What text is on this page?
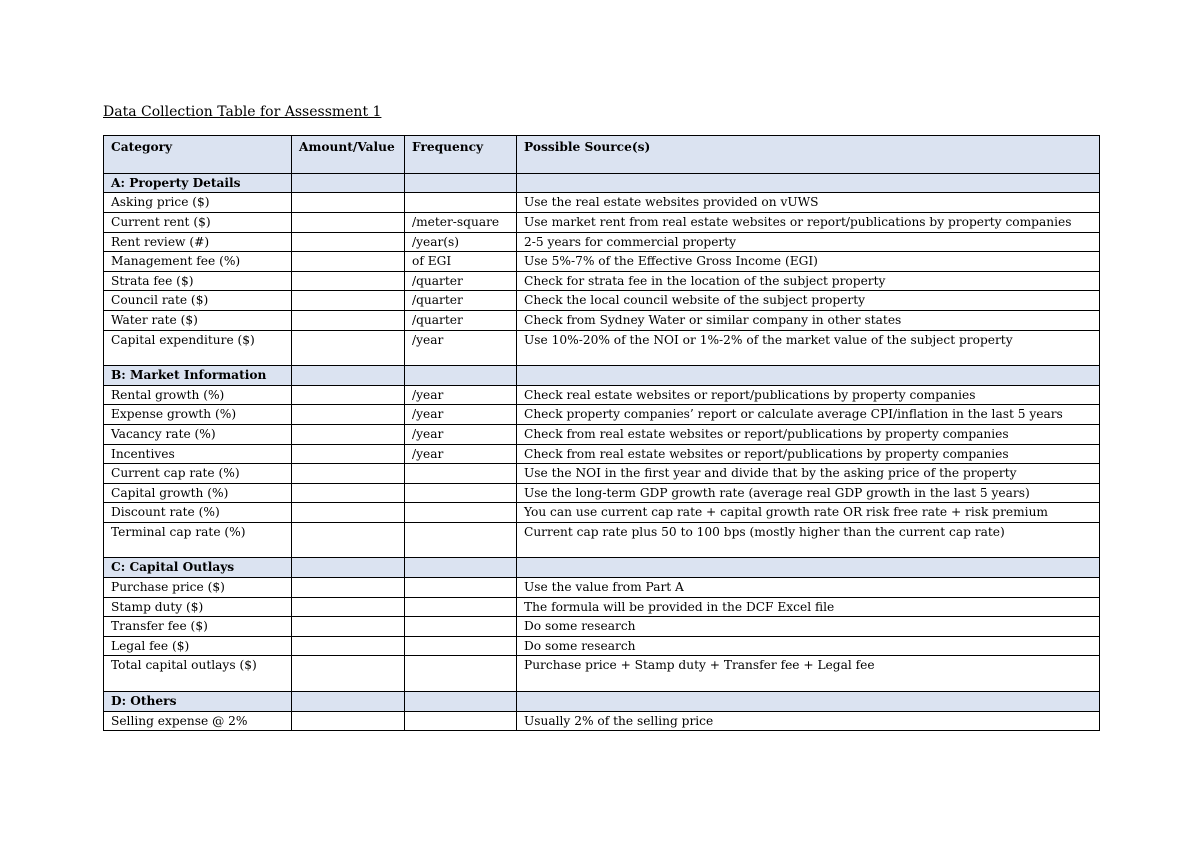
Data Collection Table for Assessment 1
Category	Amount/Value	Frequency	Possible Source(s)
A: Property Details			
Asking price ($)			Use the real estate websites provided on vUWS
Current rent ($)		/meter-square	Use market rent from real estate websites or report/publications by property companies
Rent review (#)		/year(s)	2-5 years for commercial property
Management fee (%)		of EGI	Use 5%-7% of the Effective Gross Income (EGI)
Strata fee ($)		/quarter	Check for strata fee in the location of the subject property
Council rate ($)		/quarter	Check the local council website of the subject property
Water rate ($)		/quarter	Check from Sydney Water or similar company in other states
Capital expenditure ($)		/year	Use 10%-20% of the NOI or 1%-2% of the market value of the subject property
B: Market Information			
Rental growth (%)		/year	Check real estate websites or report/publications by property companies
Expense growth (%)		/year	Check property companies’ report or calculate average CPI/inflation in the last 5 years
Vacancy rate (%)		/year	Check from real estate websites or report/publications by property companies
Incentives		/year	Check from real estate websites or report/publications by property companies
Current cap rate (%)			Use the NOI in the first year and divide that by the asking price of the property
Capital growth (%)			Use the long-term GDP growth rate (average real GDP growth in the last 5 years)
Discount rate (%)			You can use current cap rate + capital growth rate OR risk free rate + risk premium
Terminal cap rate (%)			Current cap rate plus 50 to 100 bps (mostly higher than the current cap rate)
C: Capital Outlays			
Purchase price ($)			Use the value from Part A
Stamp duty ($)			The formula will be provided in the DCF Excel file
Transfer fee ($)			Do some research
Legal fee ($)			Do some research
Total capital outlays ($)			Purchase price + Stamp duty + Transfer fee + Legal fee
D: Others			
Selling expense @ 2%			Usually 2% of the selling price
